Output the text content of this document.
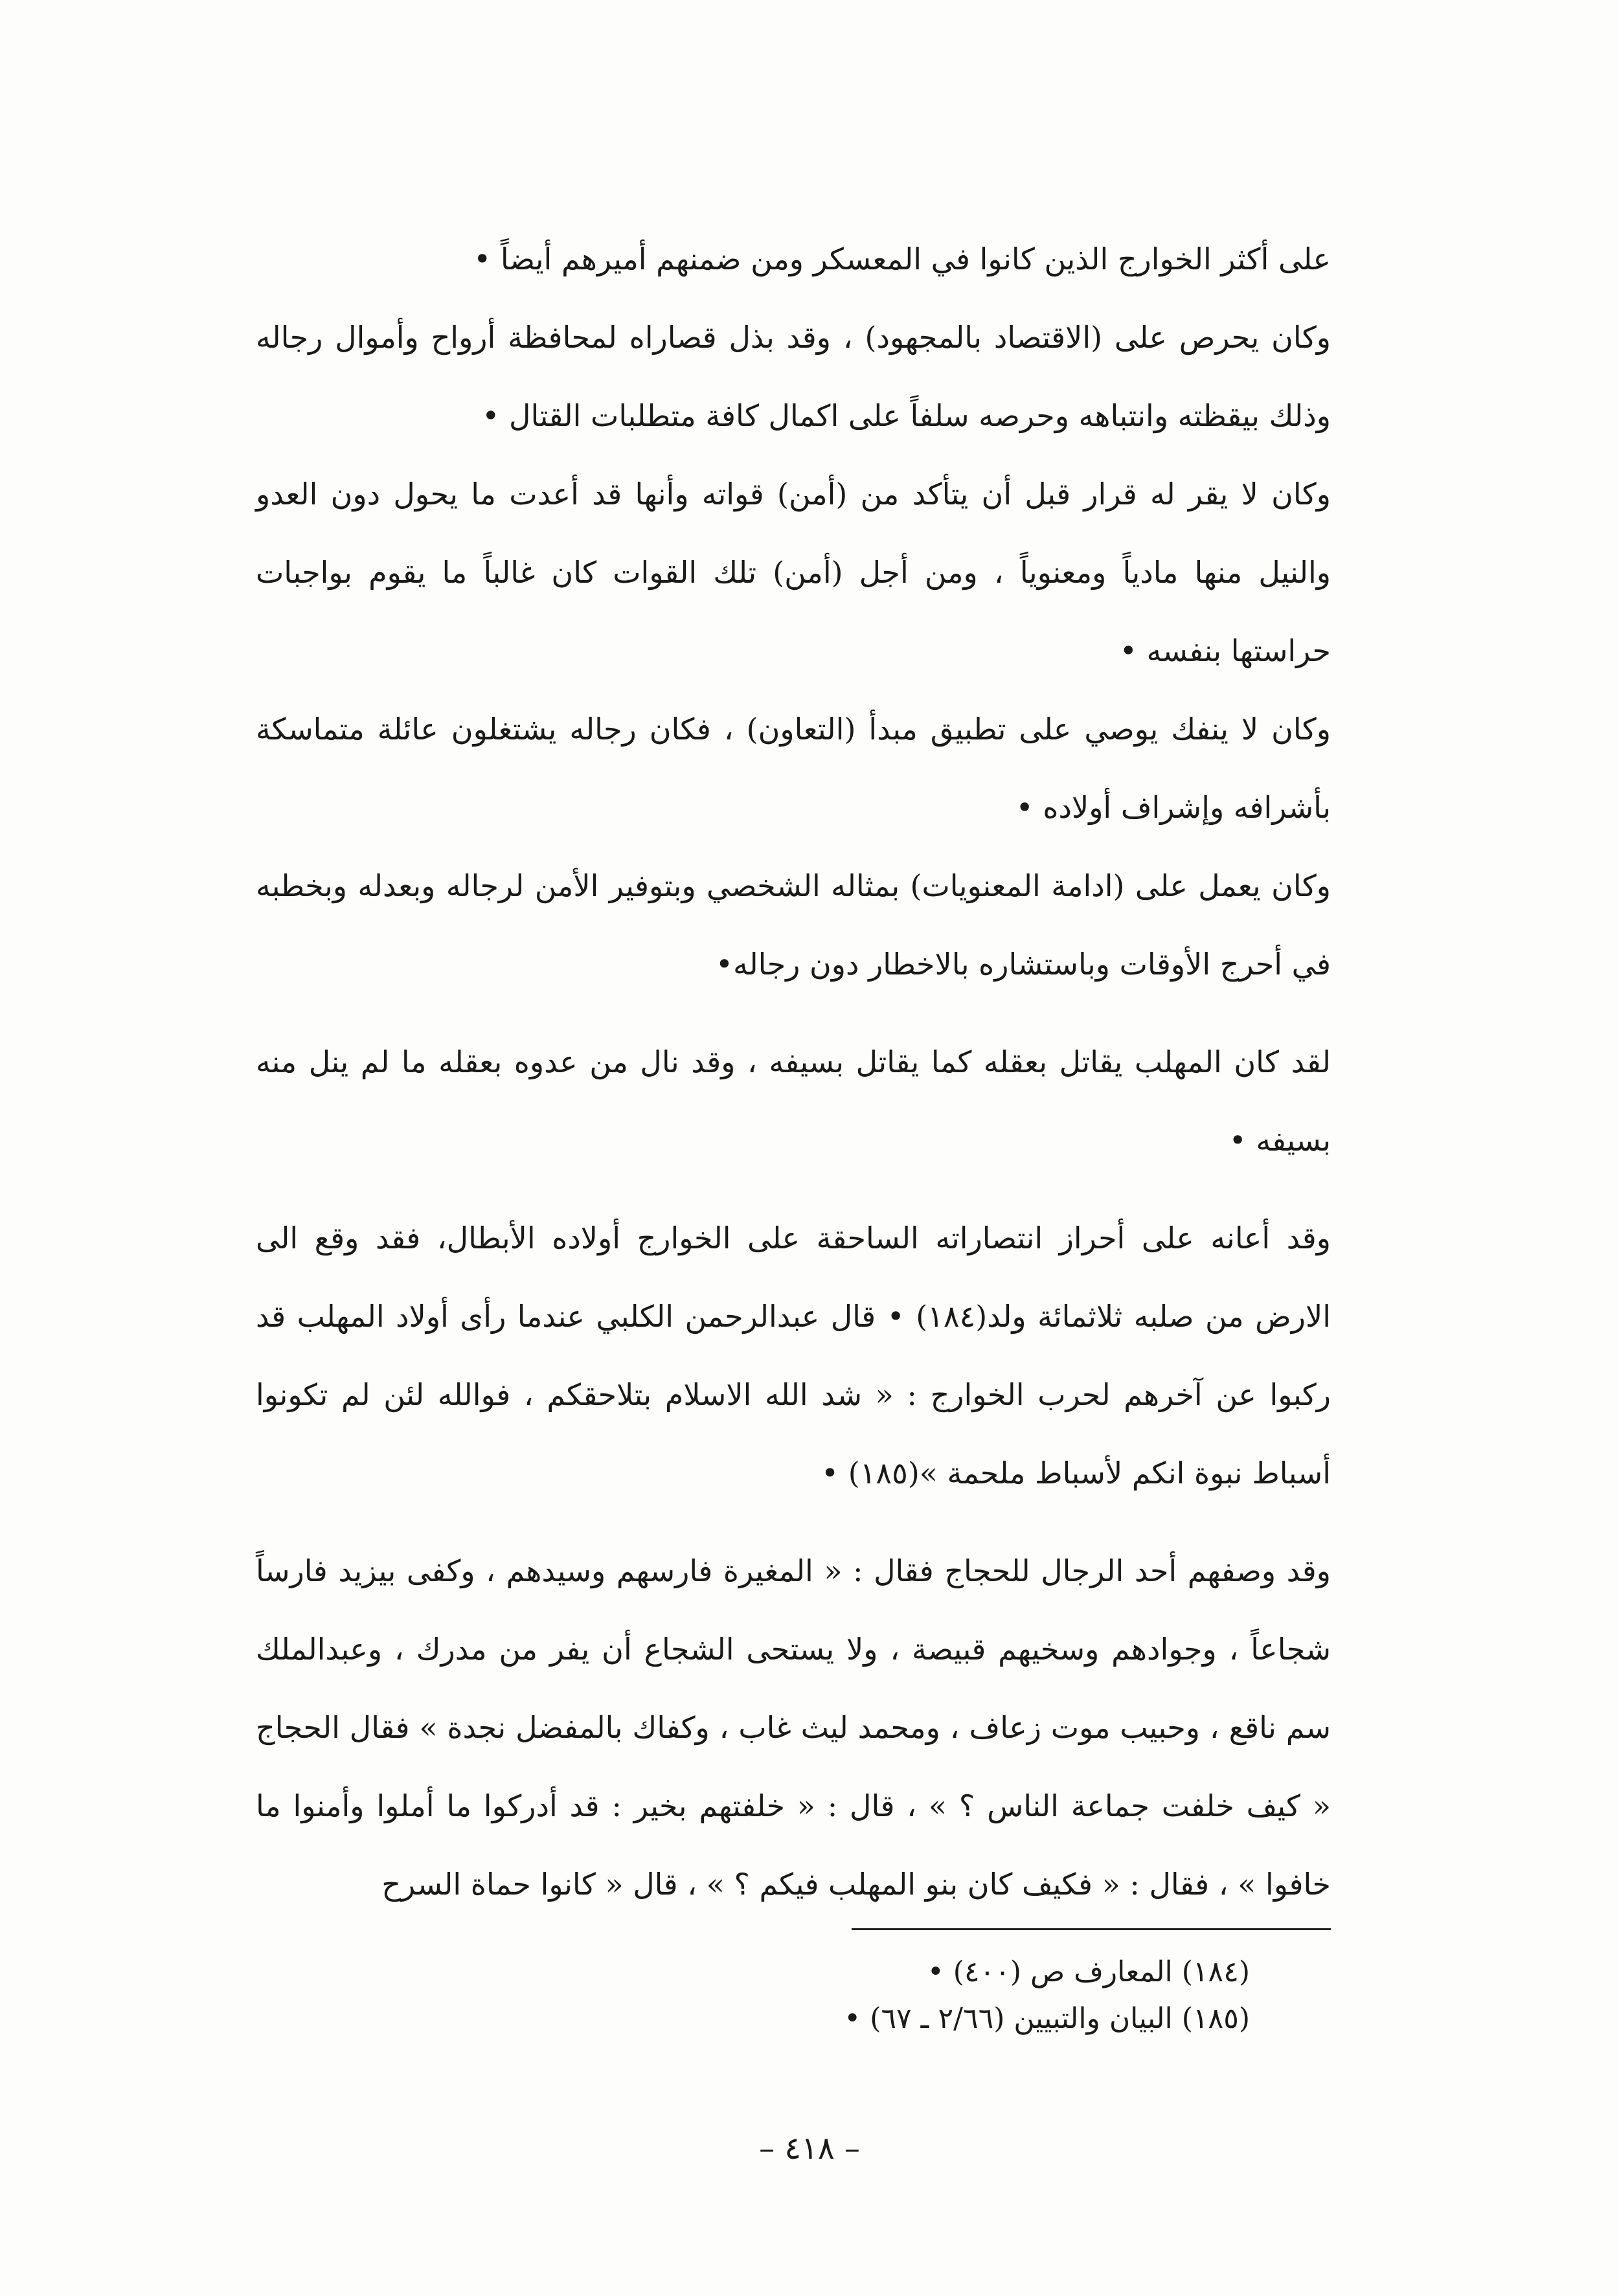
علی أكثر الخوارج الذين كانوا في المعسكر ومن ضمنهم أميرهم أيضاً •

وكان يحرص على (الاقتصاد بالمجهود) ، وقد بذل قصاراه لمحافظة أرواح وأموال رجاله وذلك بيقظته وانتباهه وحرصه سلفاً على اكمال كافة متطلبات القتال •

وكان لا يقر له قرار قبل أن يتأكد من (أمن) قواته وأنها قد أعدت ما يحول دون العدو والنيل منها مادياً ومعنوياً ، ومن أجل (أمن) تلك القوات كان غالباً ما يقوم بواجبات حراستها بنفسه •

وكان لا ينفك يوصي على تطبيق مبدأ (التعاون) ، فكان رجاله يشتغلون عائلة متماسكة بأشرافه وإشراف أولاده •

وكان يعمل على (ادامة المعنويات) بمثاله الشخصي وبتوفير الأمن لرجاله وبعدله وبخطبه في أحرج الأوقات وباستشاره بالاخطار دون رجاله•

لقد كان المهلب يقاتل بعقله كما يقاتل بسيفه ، وقد نال من عدوه بعقله ما لم ينل منه بسيفه •

وقد أعانه على أحراز انتصاراته الساحقة على الخوارج أولاده الأبطال، فقد وقع الى الارض من صلبه ثلاثمائة ولد(١٨٤) • قال عبدالرحمن الكلبي عندما رأى أولاد المهلب قد ركبوا عن آخرهم لحرب الخوارج : « شد الله الاسلام بتلاحقكم ، فوالله لئن لم تكونوا أسباط نبوة انكم لأسباط ملحمة »(١٨٥) •

وقد وصفهم أحد الرجال للحجاج فقال : « المغيرة فارسهم وسيدهم ، وكفى بيزيد فارساً شجاعاً ، وجوادهم وسخيهم قبيصة ، ولا يستحى الشجاع أن يفر من مدرك ، وعبدالملك سم ناقع ، وحبيب موت زعاف ، ومحمد ليث غاب ، وكفاك بالمفضل نجدة » فقال الحجاج « كيف خلفت جماعة الناس ؟ » ، قال : « خلفتهم بخير : قد أدركوا ما أملوا وأمنوا ما خافوا » ، فقال : « فكيف كان بنو المهلب فيكم ؟ » ، قال « كانوا حماة السرح

(١٨٤) المعارف ص (٤٠٠) •

(١٨٥) البيان والتبيين (٢/٦٦ ـ ٦٧) •

– ٤١٨ –
